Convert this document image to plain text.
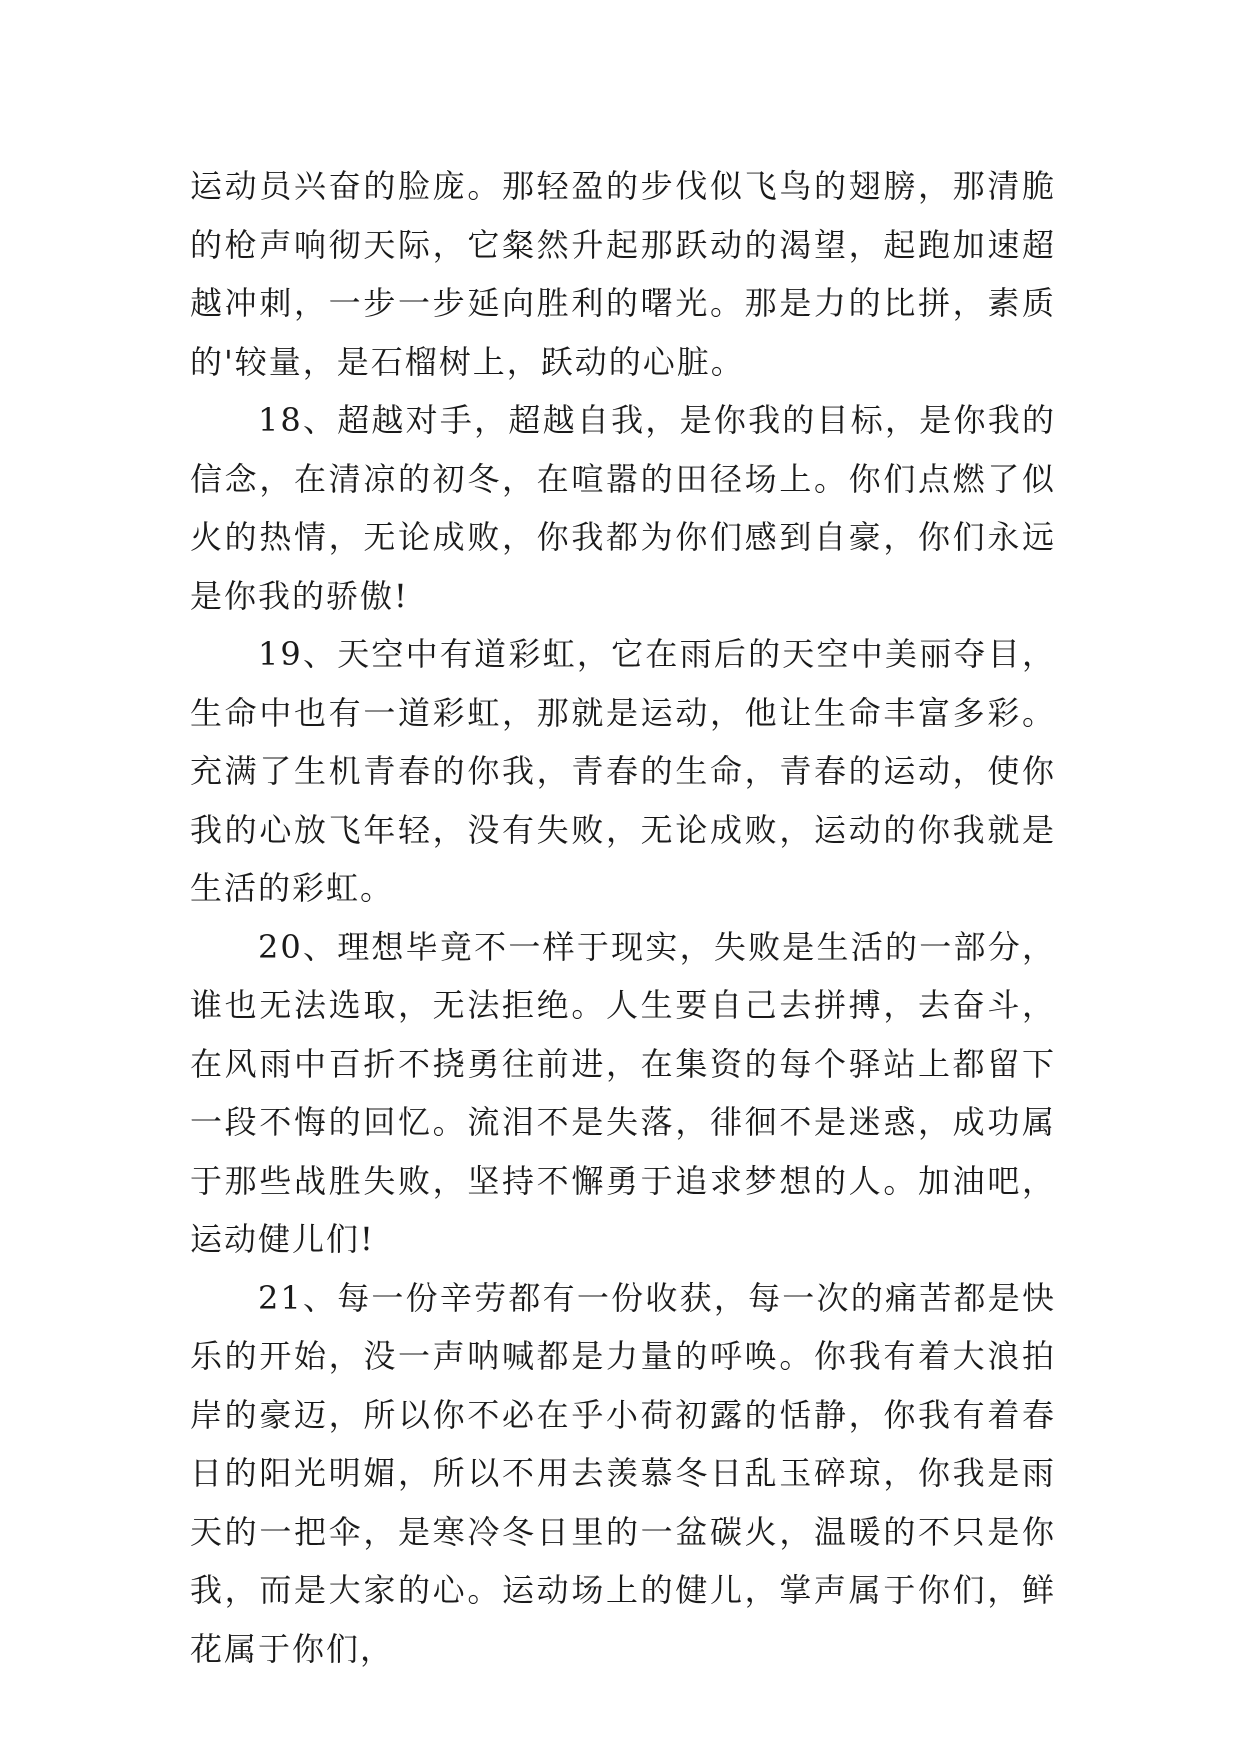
运动员兴奋的脸庞。那轻盈的步伐似飞鸟的翅膀，那清脆的枪声响彻天际，它粲然升起那跃动的渴望，起跑加速超越冲刺，一步一步延向胜利的曙光。那是力的比拼，素质的'较量，是石榴树上，跃动的心脏。

18、超越对手，超越自我，是你我的目标，是你我的信念，在清凉的初冬，在喧嚣的田径场上。你们点燃了似火的热情，无论成败，你我都为你们感到自豪，你们永远是你我的骄傲!

19、天空中有道彩虹，它在雨后的天空中美丽夺目，生命中也有一道彩虹，那就是运动，他让生命丰富多彩。充满了生机青春的你我，青春的生命，青春的运动，使你我的心放飞年轻，没有失败，无论成败，运动的你我就是生活的彩虹。

20、理想毕竟不一样于现实，失败是生活的一部分，谁也无法选取，无法拒绝。人生要自己去拼搏，去奋斗，在风雨中百折不挠勇往前进，在集资的每个驿站上都留下一段不悔的回忆。流泪不是失落，徘徊不是迷惑，成功属于那些战胜失败，坚持不懈勇于追求梦想的人。加油吧，运动健儿们!

21、每一份辛劳都有一份收获，每一次的痛苦都是快乐的开始，没一声呐喊都是力量的呼唤。你我有着大浪拍岸的豪迈，所以你不必在乎小荷初露的恬静，你我有着春日的阳光明媚，所以不用去羡慕冬日乱玉碎琼，你我是雨天的一把伞，是寒冷冬日里的一盆碳火，温暖的不只是你我，而是大家的心。运动场上的健儿，掌声属于你们，鲜花属于你们，
